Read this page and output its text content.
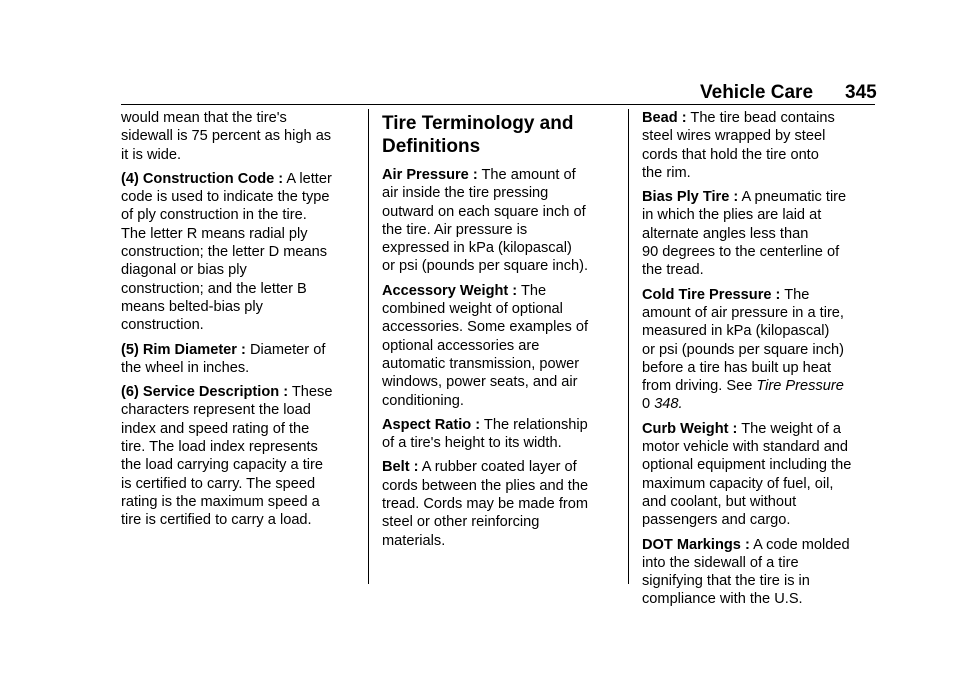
Vehicle Care 345

would mean that the tire's
sidewall is 75 percent as high as
it is wide.

(4) Construction Code : A letter
code is used to indicate the type
of ply construction in the tire.
The letter R means radial ply
construction; the letter D means
diagonal or bias ply
construction; and the letter B
means belted-bias ply
construction.

(5) Rim Diameter : Diameter of
the wheel in inches.

(6) Service Description : These
characters represent the load
index and speed rating of the
tire. The load index represents
the load carrying capacity a tire
is certified to carry. The speed
rating is the maximum speed a
tire is certified to carry a load.

Tire Terminology and
Definitions

Air Pressure : The amount of
air inside the tire pressing
outward on each square inch of
the tire. Air pressure is
expressed in kPa (kilopascal)
or psi (pounds per square inch).

Accessory Weight : The
combined weight of optional
accessories. Some examples of
optional accessories are
automatic transmission, power
windows, power seats, and air
conditioning.

Aspect Ratio : The relationship
of a tire's height to its width.

Belt : A rubber coated layer of
cords between the plies and the
tread. Cords may be made from
steel or other reinforcing
materials.

Bead : The tire bead contains
steel wires wrapped by steel
cords that hold the tire onto
the rim.

Bias Ply Tire : A pneumatic tire
in which the plies are laid at
alternate angles less than
90 degrees to the centerline of
the tread.

Cold Tire Pressure : The
amount of air pressure in a tire,
measured in kPa (kilopascal)
or psi (pounds per square inch)
before a tire has built up heat
from driving. See Tire Pressure
0 348.

Curb Weight : The weight of a
motor vehicle with standard and
optional equipment including the
maximum capacity of fuel, oil,
and coolant, but without
passengers and cargo.

DOT Markings : A code molded
into the sidewall of a tire
signifying that the tire is in
compliance with the U.S.
